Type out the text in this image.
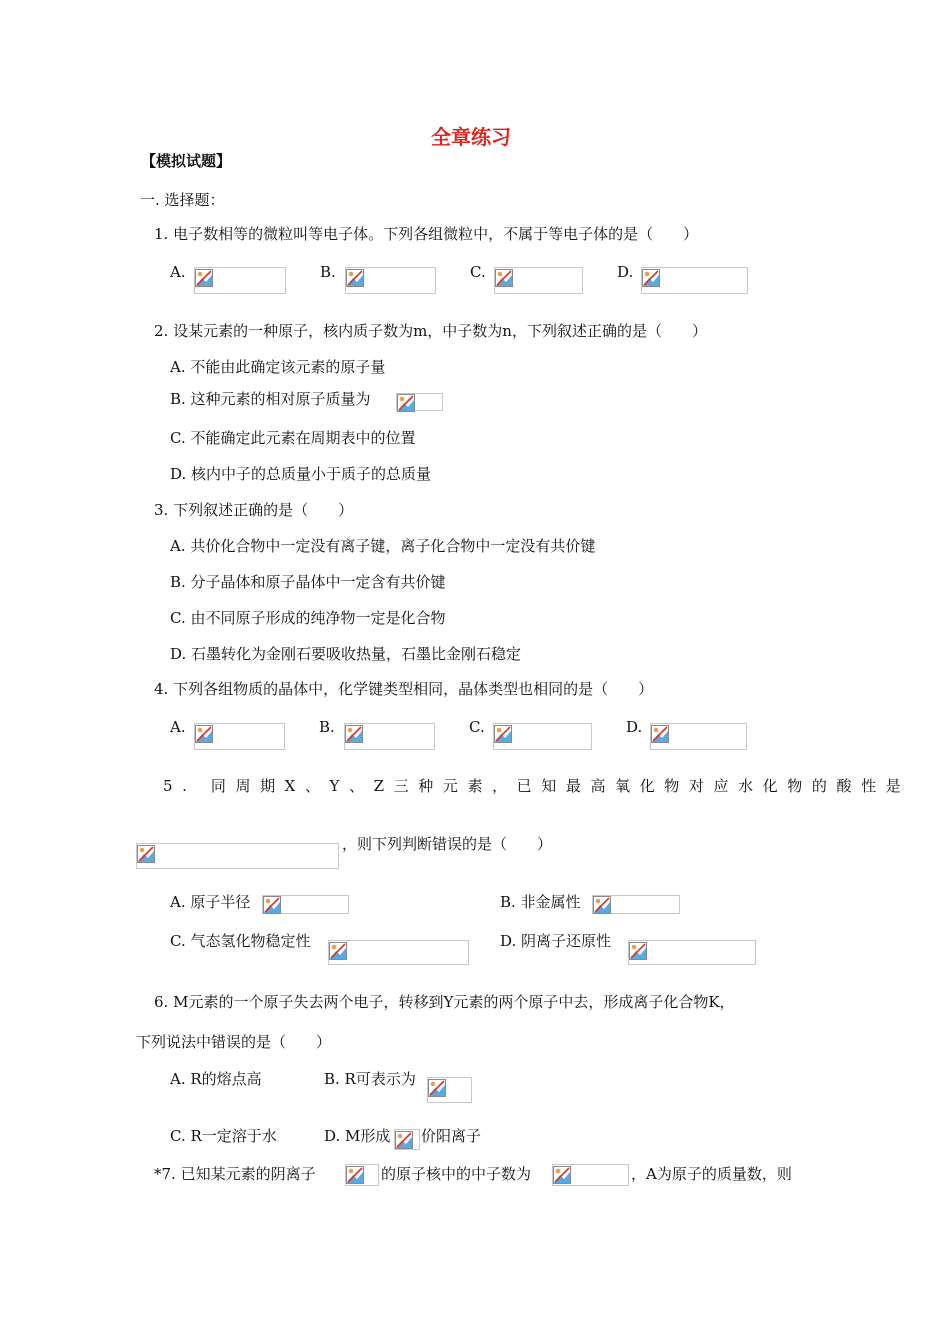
全章练习
【模拟试题】
一. 选择题：
1. 电子数相等的微粒叫等电子体。下列各组微粒中，不属于等电子体的是（　　）
A.	B.	C.	D.
2. 设某元素的一种原子，核内质子数为m，中子数为n，下列叙述正确的是（　　）
A. 不能由此确定该元素的原子量
B. 这种元素的相对原子质量为
C. 不能确定此元素在周期表中的位置
D. 核内中子的总质量小于质子的总质量
3. 下列叙述正确的是（　　）
A. 共价化合物中一定没有离子键，离子化合物中一定没有共价键
B. 分子晶体和原子晶体中一定含有共价键
C. 由不同原子形成的纯净物一定是化合物
D. 石墨转化为金刚石要吸收热量，石墨比金刚石稳定
4. 下列各组物质的晶体中，化学键类型相同，晶体类型也相同的是（　　）
A.	B.	C.	D.
5. 同周期X、Y、Z三种元素，已知最高氧化物对应水化物的酸性是
，则下列判断错误的是（　　）
A. 原子半径	B. 非金属性
C. 气态氢化物稳定性	D. 阴离子还原性
6. M元素的一个原子失去两个电子，转移到Y元素的两个原子中去，形成离子化合物K，
下列说法中错误的是（　　）
A. R的熔点高	B. R可表示为
C. R一定溶于水	D. M形成 价阳离子
*7. 已知某元素的阴离子	的原子核中的中子数为	，A为原子的质量数，则
